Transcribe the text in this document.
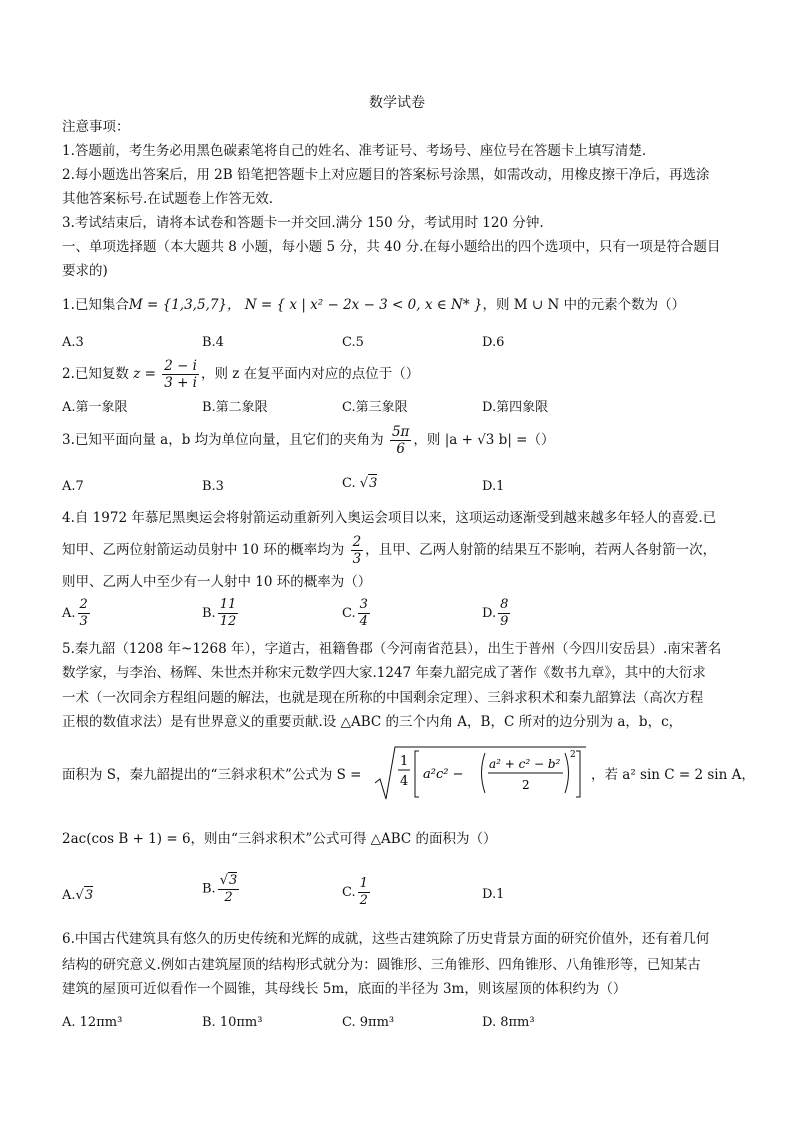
数学试卷
注意事项：
1.答题前，考生务必用黑色碳素笔将自己的姓名、准考证号、考场号、座位号在答题卡上填写清楚.
2.每小题选出答案后，用 2B 铅笔把答题卡上对应题目的答案标号涂黑，如需改动，用橡皮擦干净后，再选涂
其他答案标号.在试题卷上作答无效.
3.考试结束后，请将本试卷和答题卡一并交回.满分 150 分，考试用时 120 分钟.
一、单项选择题（本大题共 8 小题，每小题 5 分，共 40 分.在每小题给出的四个选项中，只有一项是符合题目
要求的)
1.已知集合M = {1,3,5,7}， N = { x | x² − 2x − 3 < 0, x ∈ N* }，则 M ∪ N 中的元素个数为（）
A.3	B.4	C.5	D.6
2.已知复数 $z = \frac{2 - i}{3 + i}$ ，则 z 在复平面内对应的点位于（）
A.第一象限	B.第二象限	C.第三象限	D.第四象限
3.已知平面向量 a，b 均为单位向量，且它们的夹角为 $\frac{5\pi}{6}$ ，则 |a + √3 b| =（）
A.7	B.3	C. √3	D.1
4.自 1972 年慕尼黑奥运会将射箭运动重新列入奥运会项目以来，这项运动逐渐受到越来越多年轻人的喜爱.已
知甲、乙两位射箭运动员射中 10 环的概率均为 $\frac{2}{3}$ ，且甲、乙两人射箭的结果互不影响，若两人各射箭一次，
则甲、乙两人中至少有一人射中 10 环的概率为（）
A. $\frac{2}{3}$	B. $\frac{11}{12}$	C. $\frac{3}{4}$	D. $\frac{8}{9}$
5.秦九韶（1208 年~1268 年），字道古，祖籍鲁郡（今河南省范县），出生于普州（今四川安岳县）.南宋著名
数学家，与李治、杨辉、朱世杰并称宋元数学四大家.1247 年秦九韶完成了著作《数书九章》，其中的大衍求
一术（一次同余方程组问题的解法，也就是现在所称的中国剩余定理）、三斜求积术和秦九韶算法（高次方程
正根的数值求法）是有世界意义的重要贡献.设 △ABC 的三个内角 A，B，C 所对的边分别为 a，b，c，
面积为 S，秦九韶提出的“三斜求积术”公式为 S =
1
4 a²c² −
a² + c² − b²
2
2
，若 a² sin C = 2 sin A，
2ac(cos B + 1) = 6，则由“三斜求积术”公式可得 △ABC 的面积为（）
A.√3	B. $\frac{√3}{2}$	C. $\frac{1}{2}$	D.1
6.中国古代建筑具有悠久的历史传统和光辉的成就，这些古建筑除了历史背景方面的研究价值外，还有着几何
结构的研究意义.例如古建筑屋顶的结构形式就分为：圆锥形、三角锥形、四角锥形、八角锥形等，已知某古
建筑的屋顶可近似看作一个圆锥，其母线长 5m，底面的半径为 3m，则该屋顶的体积约为（）
A. 12πm³	B. 10πm³	C. 9πm³	D. 8πm³
